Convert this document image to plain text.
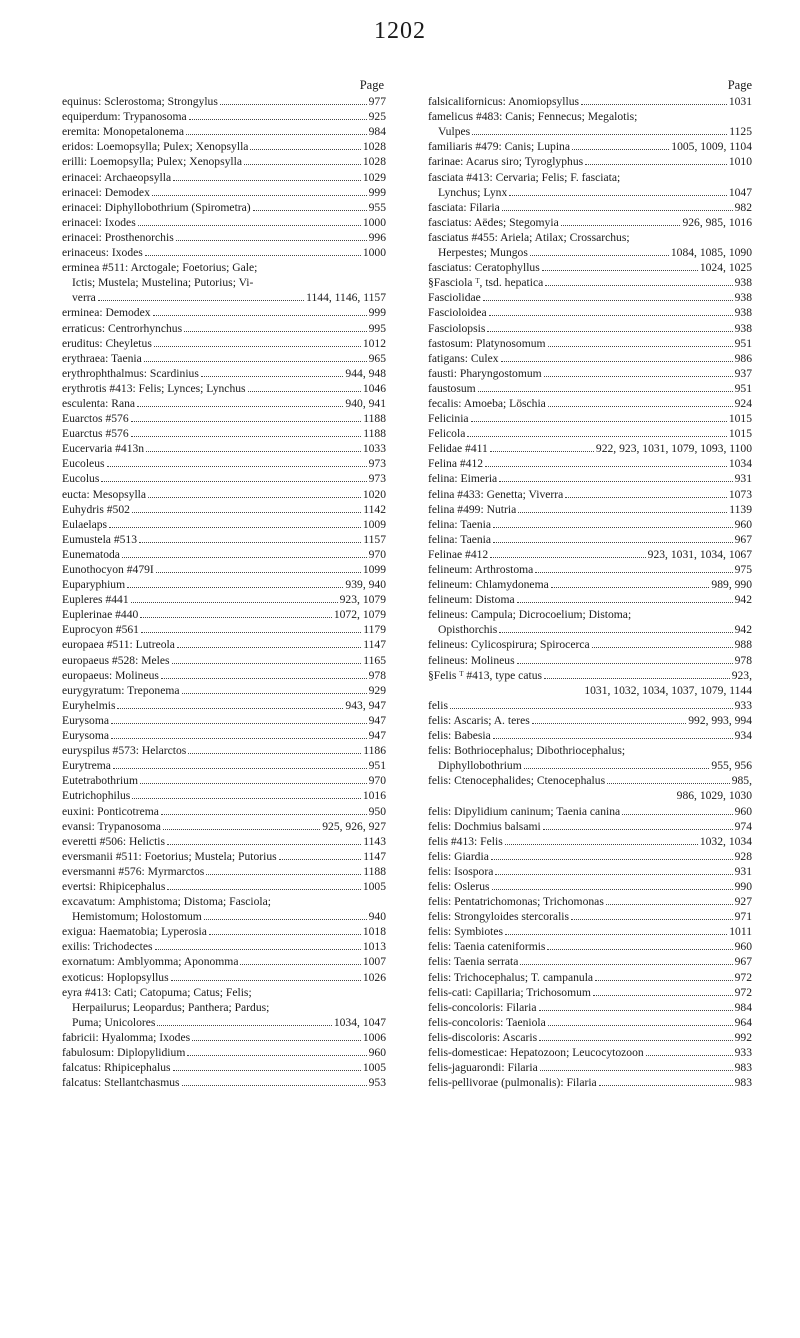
1202
Page
equinus: Sclerostoma; Strongylus	977
equiperdum: Trypanosoma	925
eremita: Monopetalonema	984
eridos: Loemopsylla; Pulex; Xenopsylla	1028
erilli: Loemopsylla; Pulex; Xenopsylla	1028
erinacei: Archaeopsylla	1029
erinacei: Demodex	999
erinacei: Diphyllobothrium (Spirometra)	955
erinacei: Ixodes	1000
erinacei: Prosthenorchis	996
erinaceus: Ixodes	1000
erminea #511: Arctogale; Foetorius; Gale;
Ictis; Mustela; Mustelina; Putorius; Vi-
verra	1144, 1146, 1157
erminea: Demodex	999
erraticus: Centrorhynchus	995
eruditus: Cheyletus	1012
erythraea: Taenia	965
erythrophthalmus: Scardinius	944, 948
erythrotis #413: Felis; Lynces; Lynchus	1046
esculenta: Rana	940, 941
Euarctos #576	1188
Euarctus #576	1188
Eucervaria #413n	1033
Eucoleus	973
Eucolus	973
eucta: Mesopsylla	1020
Euhydris #502	1142
Eulaelaps	1009
Eumustela #513	1157
Eunematoda	970
Eunothocyon #479I	1099
Euparyphium	939, 940
Eupleres #441	923, 1079
Euplerinae #440	1072, 1079
Euprocyon #561	1179
europaea #511: Lutreola	1147
europaeus #528: Meles	1165
europaeus: Molineus	978
eurygyratum: Treponema	929
Euryhelmis	943, 947
Eurysoma	947
Eurysoma	947
euryspilus #573: Helarctos	1186
Eurytrema	951
Eutetrabothrium	970
Eutrichophilus	1016
euxini: Ponticotrema	950
evansi: Trypanosoma	925, 926, 927
everetti #506: Helictis	1143
eversmanii #511: Foetorius; Mustela; Putorius	1147
eversmanni #576: Myrmarctos	1188
evertsi: Rhipicephalus	1005
excavatum: Amphistoma; Distoma; Fasciola;
Hemistomum; Holostomum	940
exigua: Haematobia; Lyperosia	1018
exilis: Trichodectes	1013
exornatum: Amblyomma; Aponomma	1007
exoticus: Hoplopsyllus	1026
eyra #413: Cati; Catopuma; Catus; Felis;
Herpailurus; Leopardus; Panthera; Pardus;
Puma; Unicolores	1034, 1047
fabricii: Hyalomma; Ixodes	1006
fabulosum: Diplopylidium	960
falcatus: Rhipicephalus	1005
falcatus: Stellantchasmus	953
Page
falsicalifornicus: Anomiopsyllus	1031
famelicus #483: Canis; Fennecus; Megalotis;
Vulpes	1125
familiaris #479: Canis; Lupina	1005, 1009, 1104
farinae: Acarus siro; Tyroglyphus	1010
fasciata #413: Cervaria; Felis; F. fasciata;
Lynchus; Lynx	1047
fasciata: Filaria	982
fasciatus: Aëdes; Stegomyia	926, 985, 1016
fasciatus #455: Ariela; Atilax; Crossarchus;
Herpestes; Mungos	1084, 1085, 1090
fasciatus: Ceratophyllus	1024, 1025
§Fasciola ᵀ, tsd. hepatica	938
Fasciolidae	938
Fascioloidea	938
Fasciolopsis	938
fastosum: Platynosomum	951
fatigans: Culex	986
fausti: Pharyngostomum	937
faustosum	951
fecalis: Amoeba; Löschia	924
Felicinia	1015
Felicola	1015
Felidae #411	922, 923, 1031, 1079, 1093, 1100
Felina #412	1034
felina: Eimeria	931
felina #433: Genetta; Viverra	1073
felina #499: Nutria	1139
felina: Taenia	960
felina: Taenia	967
Felinae #412	923, 1031, 1034, 1067
felineum: Arthrostoma	975
felineum: Chlamydonema	989, 990
felineum: Distoma	942
felineus: Campula; Dicrocoelium; Distoma;
Opisthorchis	942
felineus: Cylicospirura; Spirocerca	988
felineus: Molineus	978
§Felis ᵀ #413, type catus	923,
1031, 1032, 1034, 1037, 1079, 1144
felis	933
felis: Ascaris; A. teres	992, 993, 994
felis: Babesia	934
felis: Bothriocephalus; Dibothriocephalus;
Diphyllobothrium	955, 956
felis: Ctenocephalides; Ctenocephalus	985,
986, 1029, 1030
felis: Dipylidium caninum; Taenia canina	960
felis: Dochmius balsami	974
felis #413: Felis	1032, 1034
felis: Giardia	928
felis: Isospora	931
felis: Oslerus	990
felis: Pentatrichomonas; Trichomonas	927
felis: Strongyloides stercoralis	971
felis: Symbiotes	1011
felis: Taenia cateniformis	960
felis: Taenia serrata	967
felis: Trichocephalus; T. campanula	972
felis-cati: Capillaria; Trichosomum	972
felis-concoloris: Filaria	984
felis-concoloris: Taeniola	964
felis-discoloris: Ascaris	992
felis-domesticae: Hepatozoon; Leucocytozoon	933
felis-jaguarondi: Filaria	983
felis-pellivorae (pulmonalis): Filaria	983
